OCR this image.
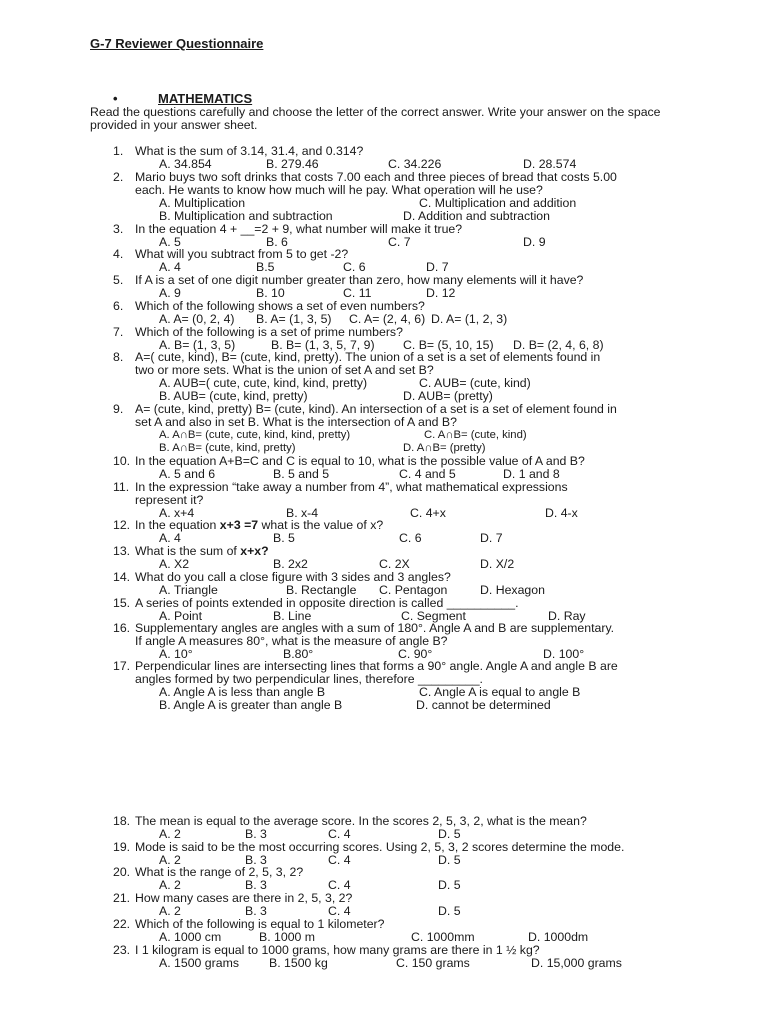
G-7 Reviewer Questionnaire
•	MATHEMATICS
Read the questions carefully and choose the letter of the correct answer. Write your answer on the space provided in your answer sheet.
1. What is the sum of 3.14, 31.4, and 0.314?
A. 34.854	B. 279.46	C. 34.226	D. 28.574
2. Mario buys two soft drinks that costs 7.00 each and three pieces of bread that costs 5.00
each. He wants to know how much will he pay. What operation will he use?
A. Multiplication	C. Multiplication and addition
B. Multiplication and subtraction	D. Addition and subtraction
3. In the equation 4 + __=2 + 9, what number will make it true?
A. 5	B. 6	C. 7	D. 9
4. What will you subtract from 5 to get -2?
A. 4	B.5	C. 6	D. 7
5. If A is a set of one digit number greater than zero, how many elements will it have?
A. 9	B. 10	C. 11	D. 12
6. Which of the following shows a set of even numbers?
A. A= (0, 2, 4) B. A= (1, 3, 5) C. A= (2, 4, 6) D. A= (1, 2, 3)
7. Which of the following is a set of prime numbers?
A. B= (1, 3, 5)	B. B= (1, 3, 5, 7, 9) C. B= (5, 10, 15) D. B= (2, 4, 6, 8)
8. A=( cute, kind), B= (cute, kind, pretty). The union of a set is a set of elements found in
two or more sets. What is the union of set A and set B?
A. AUB=( cute, cute, kind, kind, pretty)	C. AUB= (cute, kind)
B. AUB= (cute, kind, pretty)	D. AUB= (pretty)
9. A= (cute, kind, pretty) B= (cute, kind). An intersection of a set is a set of element found in
set A and also in set B. What is the intersection of A and B?
A. A∩B= (cute, cute, kind, kind, pretty)	C. A∩B= (cute, kind)
B. A∩B= (cute, kind, pretty)	D. A∩B= (pretty)
10. In the equation A+B=C and C is equal to 10, what is the possible value of A and B?
A. 5 and 6	B. 5 and 5	C. 4 and 5	D. 1 and 8
11. In the expression “take away a number from 4”, what mathematical expressions
represent it?
A. x+4	B. x-4	C. 4+x	D. 4-x
12. In the equation x+3 =7 what is the value of x?
A. 4	B. 5	C. 6	D. 7
13. What is the sum of x+x?
A. X2	B. 2x2	C. 2X	D. X/2
14. What do you call a close figure with 3 sides and 3 angles?
A. Triangle	B. Rectangle C. Pentagon	D. Hexagon
15. A series of points extended in opposite direction is called __________.
A. Point	B. Line	C. Segment	D. Ray
16. Supplementary angles are angles with a sum of 180°. Angle A and B are supplementary.
If angle A measures 80°, what is the measure of angle B?
A. 10°	B.80°	C. 90°	D. 100°
17. Perpendicular lines are intersecting lines that forms a 90° angle. Angle A and angle B are
angles formed by two perpendicular lines, therefore _________.
A. Angle A is less than angle B	C. Angle A is equal to angle B
B. Angle A is greater than angle B	D. cannot be determined
18. The mean is equal to the average score. In the scores 2, 5, 3, 2, what is the mean?
A. 2	B. 3	C. 4	D. 5
19. Mode is said to be the most occurring scores. Using 2, 5, 3, 2 scores determine the mode.
A. 2	B. 3	C. 4	D. 5
20. What is the range of 2, 5, 3, 2?
A. 2	B. 3	C. 4	D. 5
21. How many cases are there in 2, 5, 3, 2?
A. 2	B. 3	C. 4	D. 5
22. Which of the following is equal to 1 kilometer?
A. 1000 cm	B. 1000 m	C. 1000mm	D. 1000dm
23. I 1 kilogram is equal to 1000 grams, how many grams are there in 1 ½ kg?
A. 1500 grams B. 1500 kg	C. 150 grams	D. 15,000 grams
